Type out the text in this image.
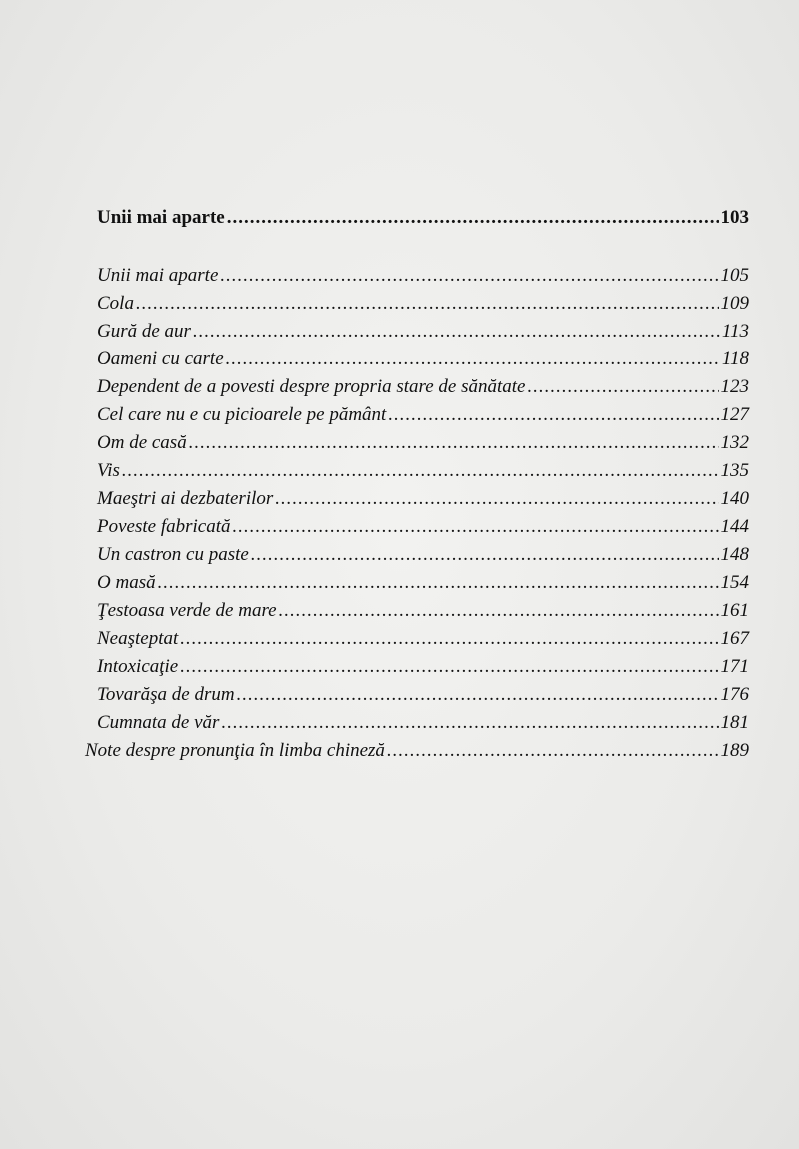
Unii mai aparte .....	103
Unii mai aparte .....	105
Cola .....	109
Gură de aur .....	113
Oameni cu carte .....	118
Dependent de a povesti despre propria stare de sănătate .....	123
Cel care nu e cu picioarele pe pământ .....	127
Om de casă .....	132
Vis .....	135
Maeştri ai dezbaterilor .....	140
Poveste fabricată .....	144
Un castron cu paste .....	148
O masă .....	154
Ţestoasa verde de mare .....	161
Neaşteptat .....	167
Intoxicaţie .....	171
Tovarăşa de drum .....	176
Cumnata de văr .....	181
Note despre pronunţia în limba chineză .....	189
